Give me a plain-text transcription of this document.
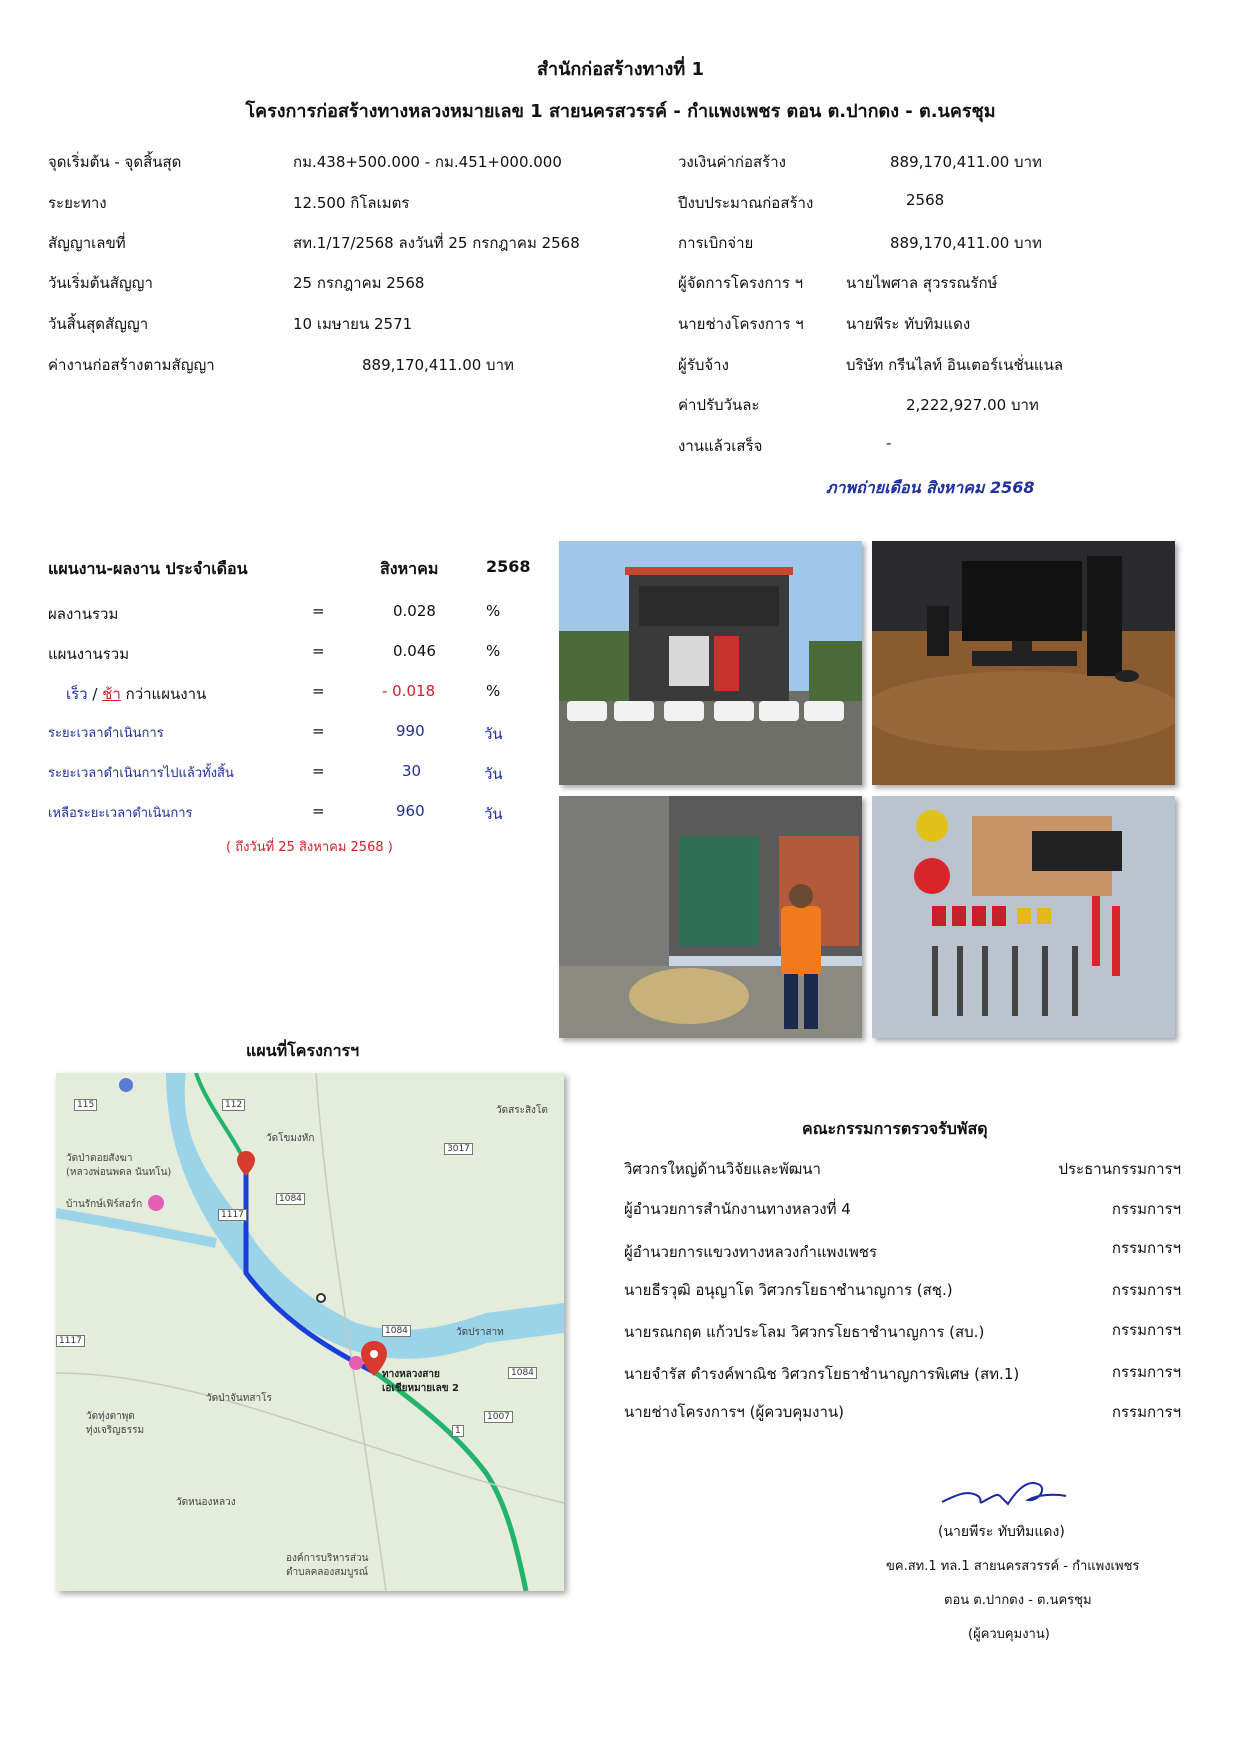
สำนักก่อสร้างทางที่ 1
โครงการก่อสร้างทางหลวงหมายเลข 1 สายนครสวรรค์ - กำแพงเพชร ตอน ต.ปากดง - ต.นครชุม
จุดเริ่มต้น - จุดสิ้นสุด	กม.438+500.000 - กม.451+000.000
ระยะทาง	12.500 กิโลเมตร
สัญญาเลขที่	สท.1/17/2568 ลงวันที่ 25 กรกฎาคม 2568
วันเริ่มต้นสัญญา	25 กรกฎาคม 2568
วันสิ้นสุดสัญญา	10 เมษายน 2571
ค่างานก่อสร้างตามสัญญา	889,170,411.00 บาท
วงเงินค่าก่อสร้าง	889,170,411.00 บาท
ปีงบประมาณก่อสร้าง	2568
การเบิกจ่าย	889,170,411.00 บาท
ผู้จัดการโครงการ ฯ	นายไพศาล สุวรรณรักษ์
นายช่างโครงการ ฯ	นายพีระ ทับทิมแดง
ผู้รับจ้าง	บริษัท กรีนไลท์ อินเตอร์เนชั่นแนล
ค่าปรับวันละ	2,222,927.00 บาท
งานแล้วเสร็จ	-
ภาพถ่ายเดือน สิงหาคม 2568
แผนงาน-ผลงาน ประจำเดือน	สิงหาคม	2568
ผลงานรวม	=	0.028	%
แผนงานรวม	=	0.046	%
เร็ว / ช้า กว่าแผนงาน	=	- 0.018	%
ระยะเวลาดำเนินการ	=	990	วัน
ระยะเวลาดำเนินการไปแล้วทั้งสิ้น	=	30	วัน
เหลือระยะเวลาดำเนินการ	=	960	วัน
( ถึงวันที่ 25 สิงหาคม 2568 )
แผนที่โครงการฯ
วัดโขมงหัก
วัดป่าดอยสังฆา
(หลวงพ่อนพดล นันทโน)
บ้านรักษ์เฟิร์สอร์ก
วัดสระสิงโต
วัดปราสาท
วัดป่าจันทสาโร
วัดทุ่งตาพุด
ทุ่งเจริญธรรม
วัดหนองหลวง
องค์การบริหารส่วน
ตำบลคลองสมบูรณ์
ทางหลวงสาย
เอเชียหมายเลข 2
115	112
1117
1084
3017
1084
1084
1
1007
1117
คณะกรรมการตรวจรับพัสดุ
วิศวกรใหญ่ด้านวิจัยและพัฒนา	ประธานกรรมการฯ
ผู้อำนวยการสำนักงานทางหลวงที่ 4	กรรมการฯ
ผู้อำนวยการแขวงทางหลวงกำแพงเพชร	กรรมการฯ
นายธีรวุฒิ อนุญาโต วิศวกรโยธาชำนาญการ (สชฺ.)	กรรมการฯ
นายรณกฤต แก้วประโลม วิศวกรโยธาชำนาญการ (สบ.)	กรรมการฯ
นายจำรัส ดำรงค์พาณิช วิศวกรโยธาชำนาญการพิเศษ (สท.1)	กรรมการฯ
นายช่างโครงการฯ (ผู้ควบคุมงาน)	กรรมการฯ
(นายพีระ ทับทิมแดง)
ขค.สท.1 ทล.1 สายนครสวรรค์ - กำแพงเพชร
ตอน ต.ปากดง - ต.นครชุม
(ผู้ควบคุมงาน)
